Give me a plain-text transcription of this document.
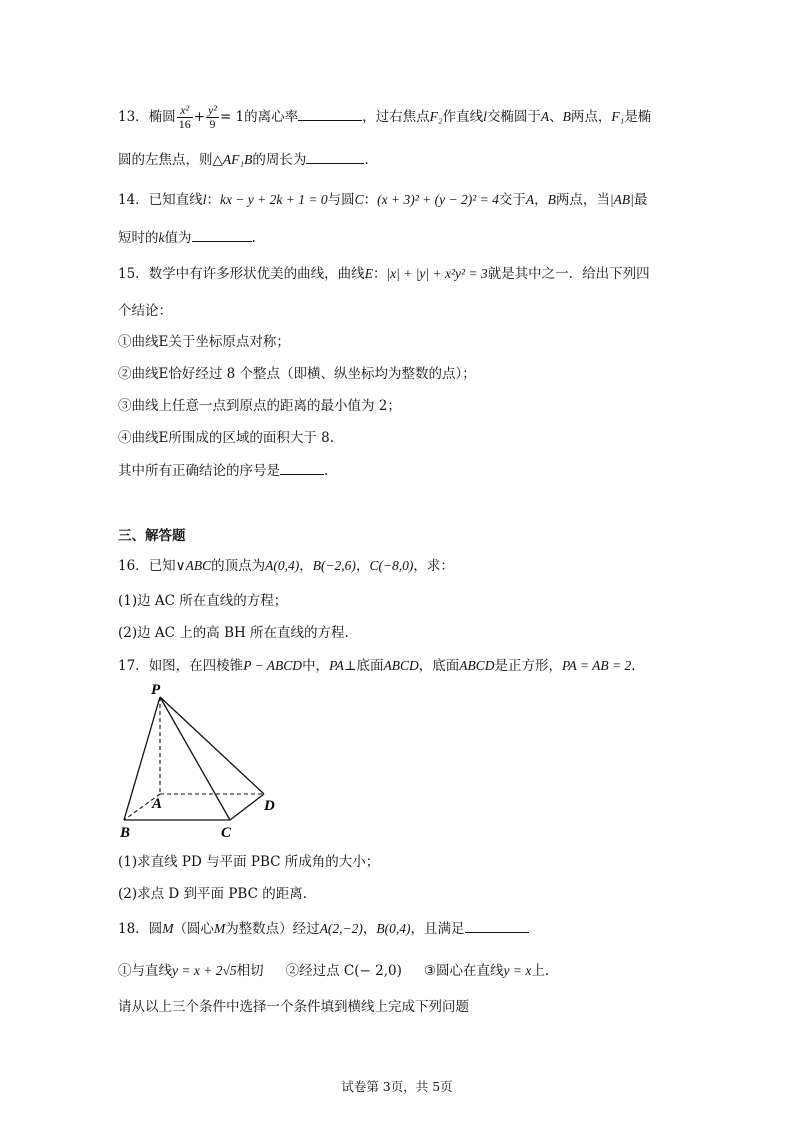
13．椭圆 $\frac{\text{x²}}{16} + \frac{\text{y²}}{9} = 1$的离心率	，过右焦点F₂作直线l交椭圆于A、B两点，F₁是椭
圆的左焦点，则△AF₁B的周长为	.
14．已知直线l：kx − y + 2k + 1 = 0与圆C：(x + 3)² + (y − 2)² = 4交于A，B两点，当|AB|最
短时的k值为	.
15．数学中有许多形状优美的曲线，曲线E：|x| + |y| + x²y² = 3就是其中之一．给出下列四
个结论：
①曲线E关于坐标原点对称；
②曲线E恰好经过 8 个整点（即横、纵坐标均为整数的点）；
③曲线上任意一点到原点的距离的最小值为 2；
④曲线E所围成的区域的面积大于 8.
其中所有正确结论的序号是	.
三、解答题
16．已知∨ABC的顶点为A(0,4)，B(−2,6)，C(−8,0)，求：
(1)边 AC 所在直线的方程；
(2)边 AC 上的高 BH 所在直线的方程.
17．如图，在四棱锥P − ABCD中，PA⊥底面ABCD，底面ABCD是正方形，PA = AB = 2.
P
A
B	C
D
(1)求直线 PD 与平面 PBC 所成角的大小；
(2)求点 D 到平面 PBC 的距离.
18．圆M（圆心M为整数点）经过A(2,−2)，B(0,4)，且满足
①与直线y = x + 2√5相切 ②经过点 C(− 2,0) ③圆心在直线y = x上.
请从以上三个条件中选择一个条件填到横线上完成下列问题
试卷第 3页，共 5页
